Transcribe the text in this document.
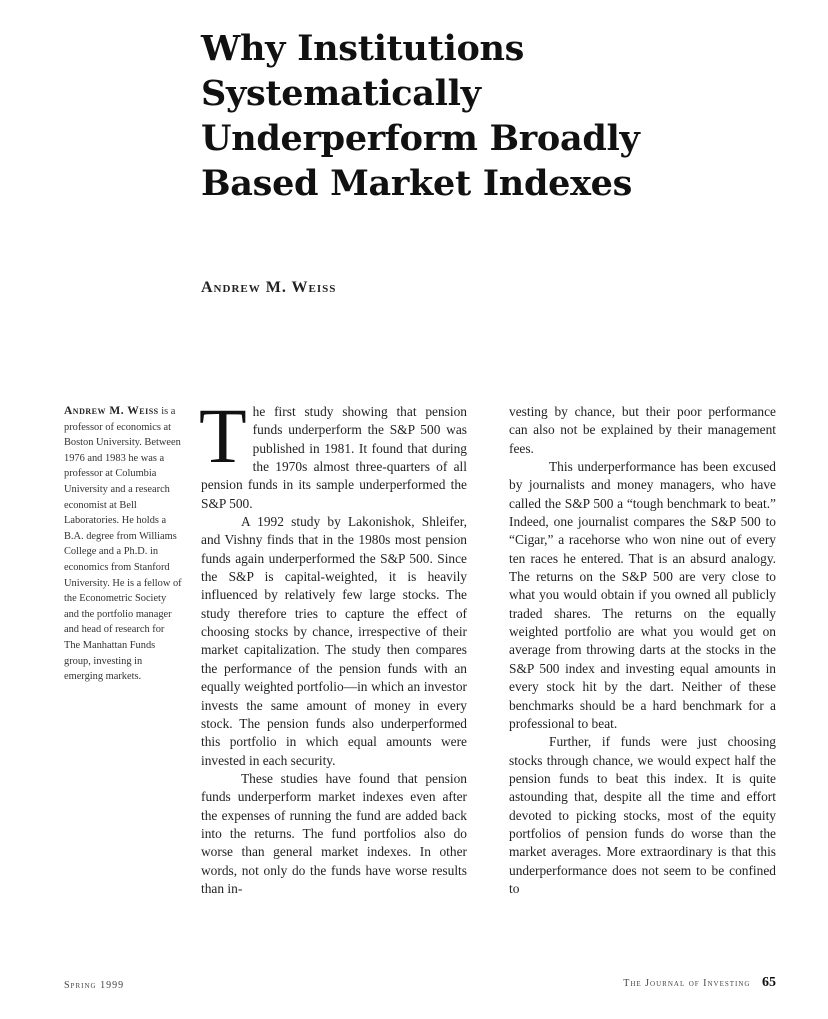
Why Institutions Systematically Underperform Broadly Based Market Indexes
Andrew M. Weiss
Andrew M. Weiss is a professor of economics at Boston University. Between 1976 and 1983 he was a professor at Columbia University and a research economist at Bell Laboratories. He holds a B.A. degree from Williams College and a Ph.D. in economics from Stanford University. He is a fellow of the Econometric Society and the portfolio manager and head of research for The Manhattan Funds group, investing in emerging markets.

The first study showing that pension funds underperform the S&P 500 was published in 1981. It found that during the 1970s almost three-quarters of all pension funds in its sample underperformed the S&P 500.

A 1992 study by Lakonishok, Shleifer, and Vishny finds that in the 1980s most pension funds again underperformed the S&P 500. Since the S&P is capital-weighted, it is heavily influenced by relatively few large stocks. The study therefore tries to capture the effect of choosing stocks by chance, irrespective of their market capitalization. The study then compares the performance of the pension funds with an equally weighted portfolio—in which an investor invests the same amount of money in every stock. The pension funds also underperformed this portfolio in which equal amounts were invested in each security.

These studies have found that pension funds underperform market indexes even after the expenses of running the fund are added back into the returns. The fund portfolios also do worse than general market indexes. In other words, not only do the funds have worse results than in-

vesting by chance, but their poor performance can also not be explained by their management fees.

This underperformance has been excused by journalists and money managers, who have called the S&P 500 a “tough benchmark to beat.” Indeed, one journalist compares the S&P 500 to “Cigar,” a racehorse who won nine out of every ten races he entered. That is an absurd analogy. The returns on the S&P 500 are very close to what you would obtain if you owned all publicly traded shares. The returns on the equally weighted portfolio are what you would get on average from throwing darts at the stocks in the S&P 500 index and investing equal amounts in every stock hit by the dart. Neither of these benchmarks should be a hard benchmark for a professional to beat.

Further, if funds were just choosing stocks through chance, we would expect half the pension funds to beat this index. It is quite astounding that, despite all the time and effort devoted to picking stocks, most of the equity portfolios of pension funds do worse than the market averages. More extraordinary is that this underperformance does not seem to be confined to

Spring 1999	The Journal of Investing 65
